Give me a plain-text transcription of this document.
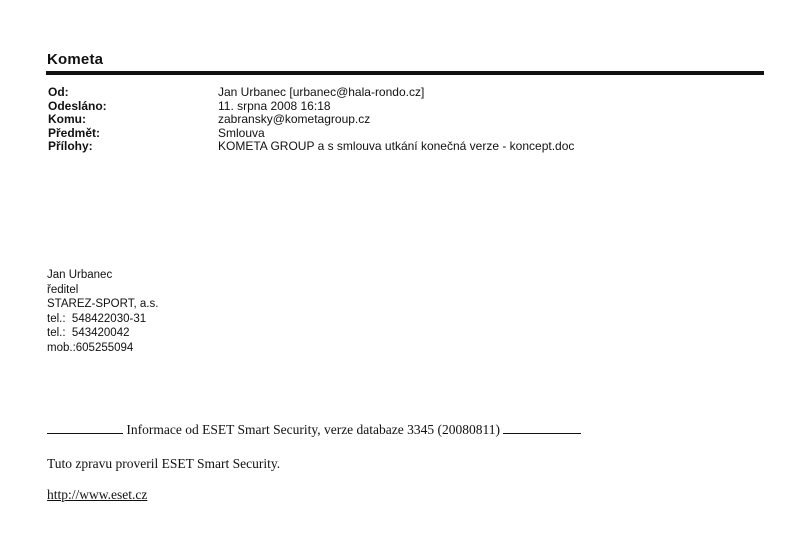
Kometa
Od:	Jan Urbanec [urbanec@hala-rondo.cz]
Odesláno:	11. srpna 2008 16:18
Komu:	zabransky@kometagroup.cz
Předmět:	Smlouva
Přílohy:	KOMETA GROUP a s smlouva utkání konečná verze - koncept.doc
Jan Urbanec
ředitel
STAREZ-SPORT, a.s.
tel.:  548422030-31
tel.:  543420042
mob.:605255094
Informace od ESET Smart Security, verze databaze 3345 (20080811)
Tuto zpravu proveril ESET Smart Security.
http://www.eset.cz
